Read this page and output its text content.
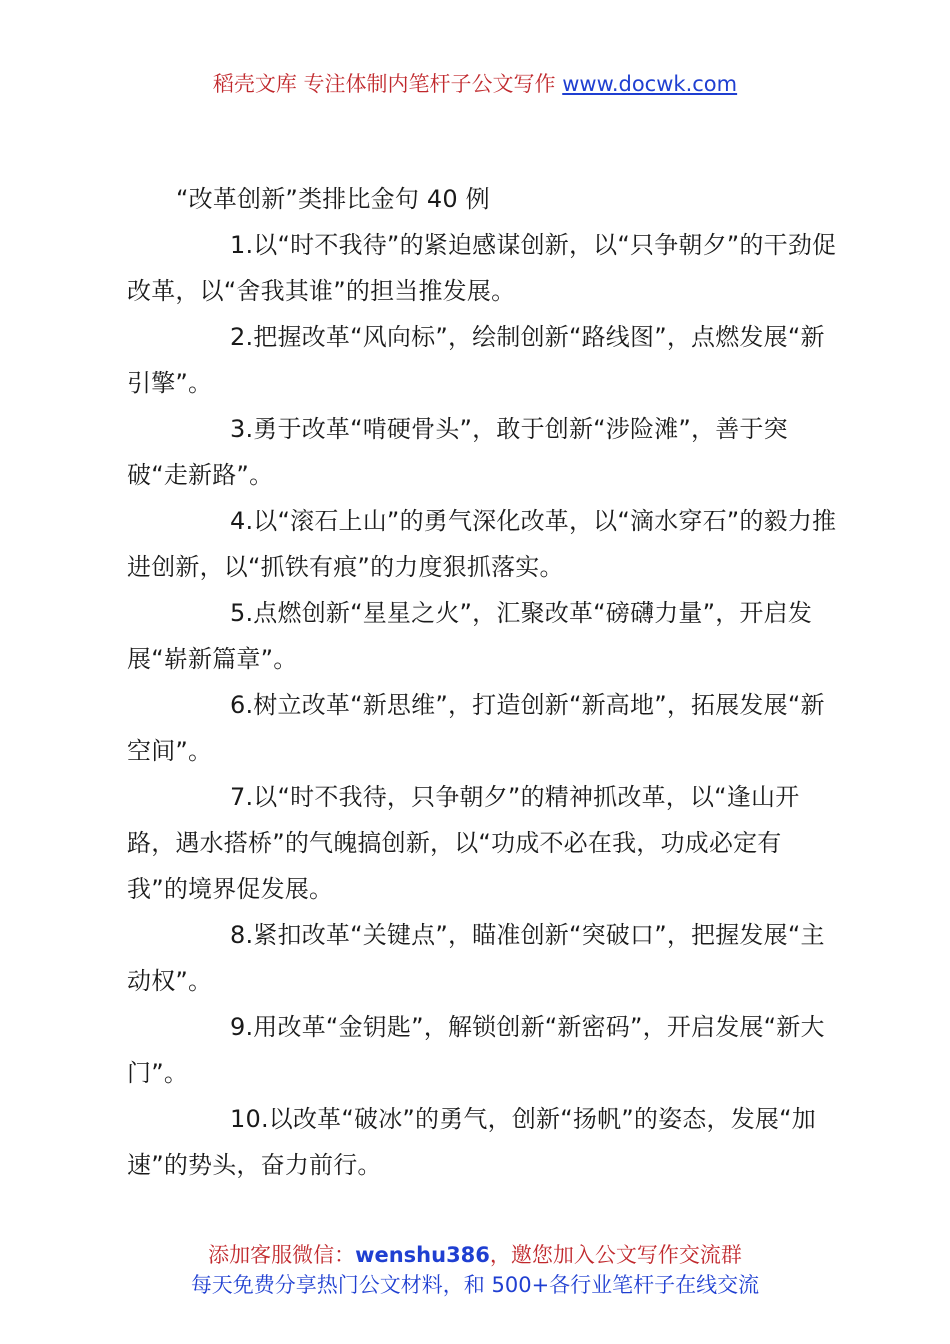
稻壳文库 专注体制内笔杆子公文写作 www.docwk.com

“改革创新”类排比金句 40 例

1.以“时不我待”的紧迫感谋创新，以“只争朝夕”的干劲促改革，以“舍我其谁”的担当推发展。

2.把握改革“风向标”，绘制创新“路线图”，点燃发展“新引擎”。

3.勇于改革“啃硬骨头”，敢于创新“涉险滩”，善于突破“走新路”。

4.以“滚石上山”的勇气深化改革，以“滴水穿石”的毅力推进创新，以“抓铁有痕”的力度狠抓落实。

5.点燃创新“星星之火”，汇聚改革“磅礴力量”，开启发展“崭新篇章”。

6.树立改革“新思维”，打造创新“新高地”，拓展发展“新空间”。

7.以“时不我待，只争朝夕”的精神抓改革，以“逢山开路，遇水搭桥”的气魄搞创新，以“功成不必在我，功成必定有我”的境界促发展。

8.紧扣改革“关键点”，瞄准创新“突破口”，把握发展“主动权”。

9.用改革“金钥匙”，解锁创新“新密码”，开启发展“新大门”。

10.以改革“破冰”的勇气，创新“扬帆”的姿态，发展“加速”的势头，奋力前行。

添加客服微信：wenshu386，邀您加入公文写作交流群
每天免费分享热门公文材料，和 500+各行业笔杆子在线交流
